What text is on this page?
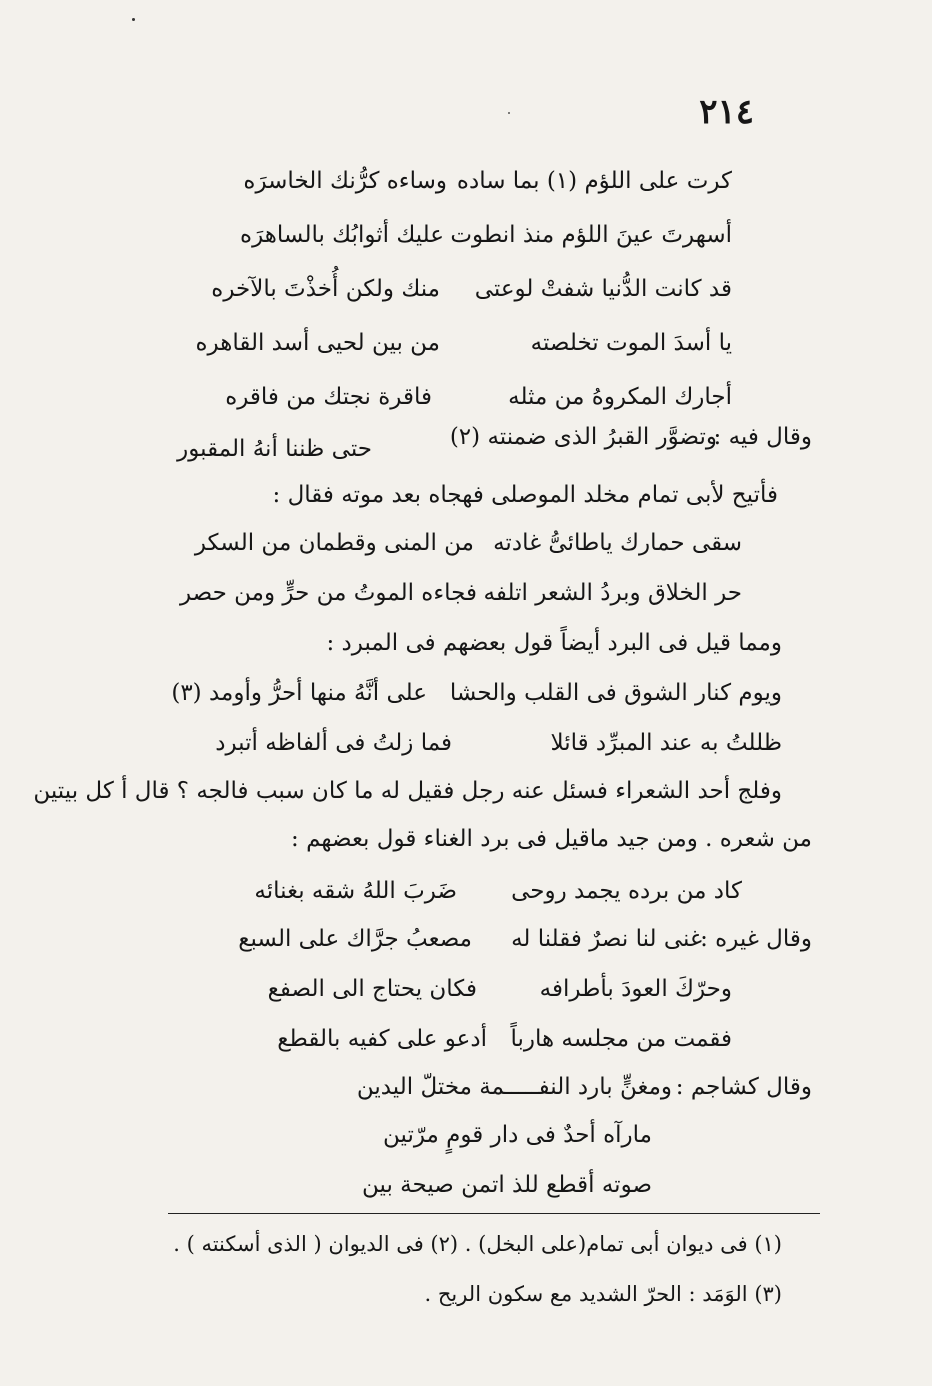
٢١٤
كرت على اللؤم (١) بما ساده
وساءه كرُّنك الخاسرَه
أسهرتَ عينَ اللؤم منذ انطوت
عليك أثوابُك بالساهرَه
قد كانت الدُّنيا شفتْ لوعتى
منك ولكن أُخذْتَ بالآخره
يا أسدَ الموت تخلصته
من بين لحيى أسد القاهره
أجارك المكروهُ من مثله
فاقرة نجتك من فاقره
وقال فيه :
وتضوَّر القبرُ الذى ضمنته (٢)
حتى ظننا أنهُ المقبور
فأتيح لأبى تمام مخلد الموصلى فهجاه بعد موته فقال :
سقى حمارك ياطائىُّ غادته
من المنى وقطمان من السكر
حر الخلاق وبردُ الشعر اتلفه
فجاءه الموتُ من حرٍّ ومن حصر
ومما قيل فى البرد أيضاً قول بعضهم فى المبرد :
ويوم كنار الشوق فى القلب والحشا
على أنَّهُ منها أحرُّ وأومد (٣)
ظللتُ به عند المبرِّد قائلا
فما زلتُ فى ألفاظه أتبرد
وفلج أحد الشعراء فسئل عنه رجل فقيل له ما كان سبب فالجه ؟ قال أ كل بيتين
من شعره . ومن جيد ماقيل فى برد الغناء قول بعضهم :
كاد من برده يجمد روحى
ضَربَ اللهُ شقه بغنائه
وقال غيره :
غنى لنا نصرٌ فقلنا له
مصعبُ جرَّاك على السبع
وحرّكَ العودَ بأطرافه
فكان يحتاج الى الصفع
فقمت من مجلسه هارباً
أدعو على كفيه بالقطع
وقال كشاجم :
ومغنٍّ بارد النفـــــمة مختلّ اليدين
مارآه أحدٌ فى دار قومٍ مرّتين
صوته أقطع للذ اتمن صيحة بين
(١) فى ديوان أبى تمام(على البخل) . (٢) فى الديوان ( الذى أسكنته ) .
(٣) الوَمَد : الحرّ الشديد مع سكون الريح .
